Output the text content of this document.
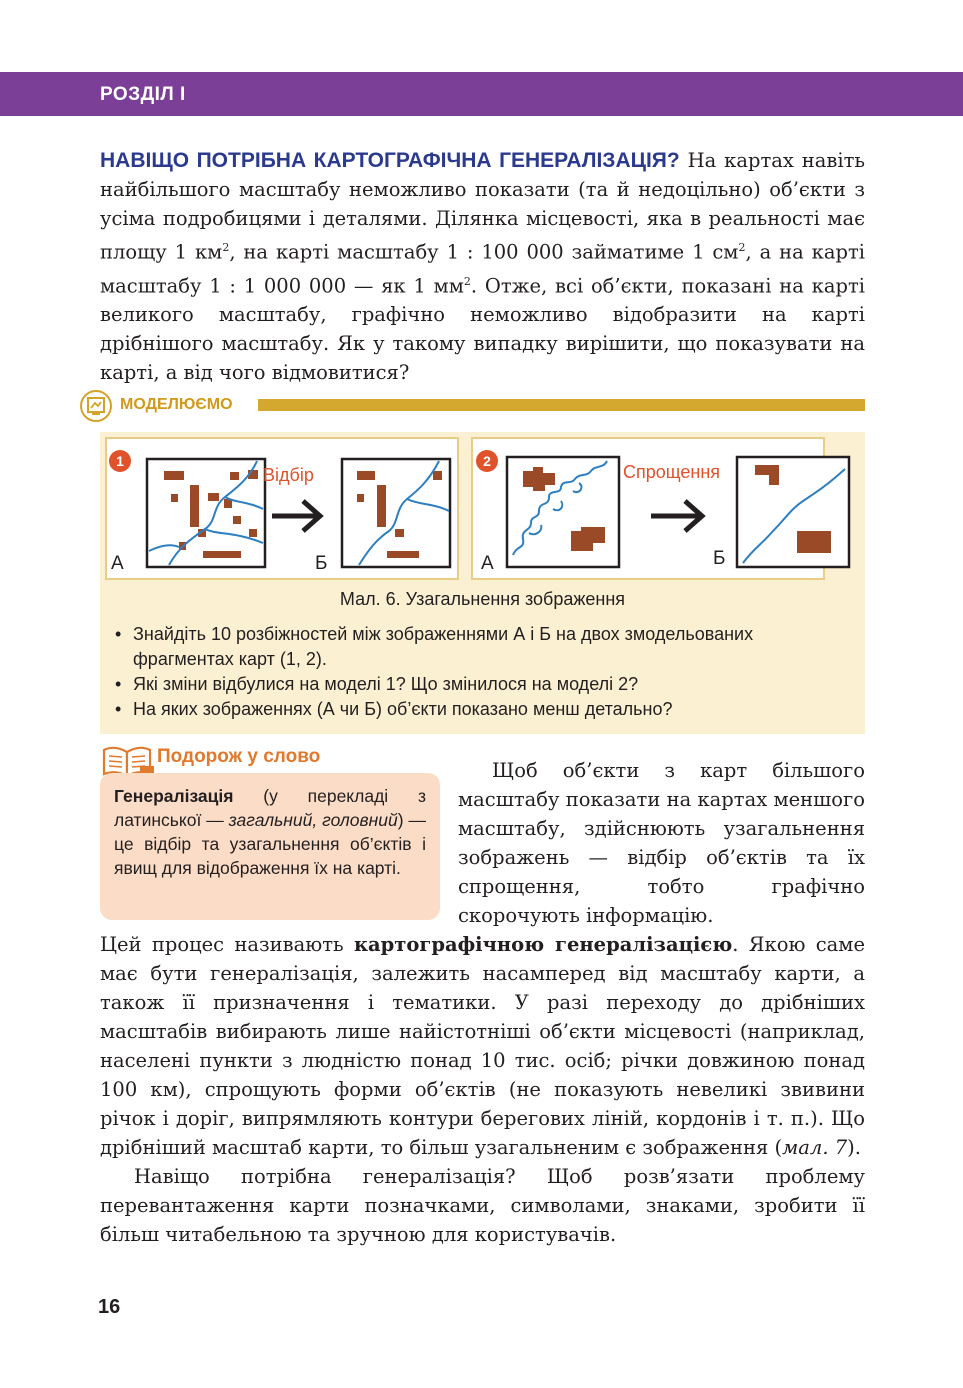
РОЗДІЛ І
НАВІЩО ПОТРІБНА КАРТОГРАФІЧНА ГЕНЕРАЛІЗАЦІЯ? На картах навіть найбільшого масштабу неможливо показати (та й недоцільно) об’єкти з усіма подробицями і деталями. Ділянка місцевості, яка в реальності має площу 1 $км^2$, на карті масштабу 1 : 100 000 займатиме 1 $см^2$, а на карті масштабу 1 : 1 000 000 — як 1 $мм^2$. Отже, всі об’єкти, показані на карті великого масштабу, графічно неможливо відобразити на карті дрібнішого масштабу. Як у такому випадку вирішити, що показувати на карті, а від чого відмовитися?
МОДЕЛЮЄМО
1
Відбір
А	Б
2
Спрощення
А	Б
Мал. 6. Узагальнення зображення
• Знайдіть 10 розбіжностей між зображеннями А і Б на двох змодельованих фрагментах карт (1, 2).
• Які зміни відбулися на моделі 1? Що змінилося на моделі 2?
• На яких зображеннях (А чи Б) об’єкти показано менш детально?
Подорож у слово
Генералізація (у перекладі з латинської — загальний, головний) — це відбір та узагальнення об’єктів і явищ для відображення їх на карті.

Щоб об’єкти з карт більшого масштабу показати на картах меншого масштабу, здійснюють узагальнення зображень — відбір об’єктів та їх спрощення, тобто графічно скорочують інформацію.

Цей процес називають картографічною генералізацією. Якою саме має бути генералізація, залежить насамперед від масштабу карти, а також її призначення і тематики. У разі переходу до дрібніших масштабів вибирають лише найістотніші об’єкти місцевості (наприклад, населені пункти з людністю понад 10 тис. осіб; річки довжиною понад 100 км), спрощують форми об’єктів (не показують невеликі звивини річок і доріг, випрямляють контури берегових ліній, кордонів і т. п.). Що дрібніший масштаб карти, то більш узагальненим є зображення (мал. 7).

Навіщо потрібна генералізація? Щоб розв’язати проблему перевантаження карти позначками, символами, знаками, зробити її більш читабельною та зручною для користувачів.

16
